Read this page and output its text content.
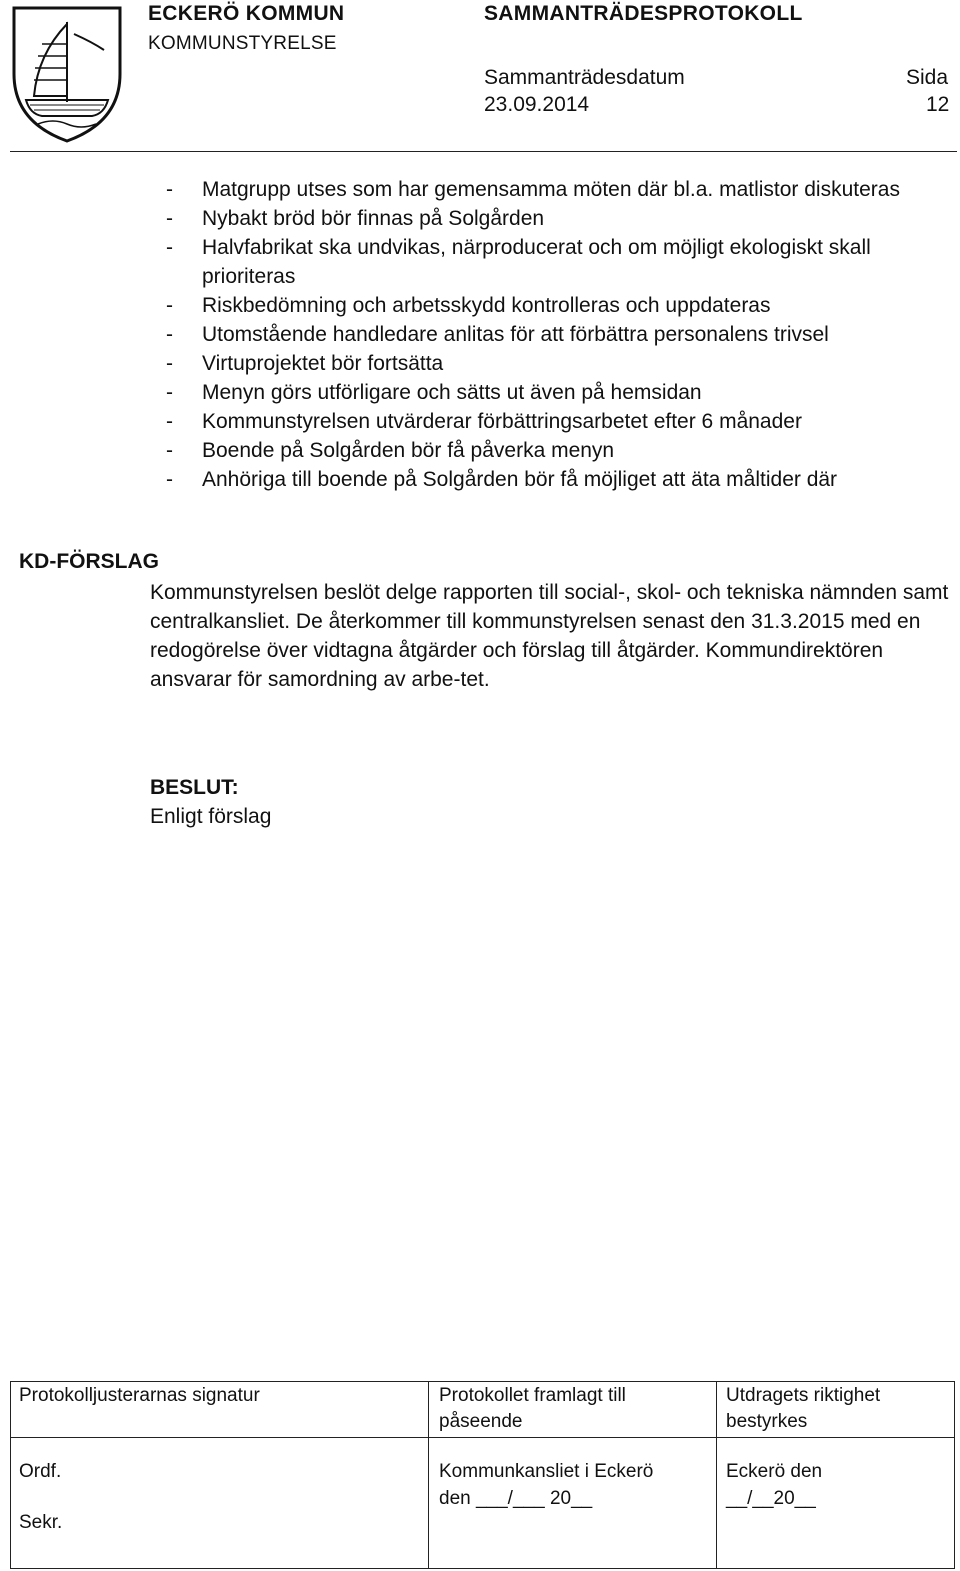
ECKERÖ KOMMUN
KOMMUNSTYRELSE
SAMMANTRÄDESPROTOKOLL
Sammanträdesdatum
23.09.2014
Sida
12
- Matgrupp utses som har gemensamma möten där bl.a. matlistor diskuteras
- Nybakt bröd bör finnas på Solgården
- Halvfabrikat ska undvikas, närproducerat och om möjligt ekologiskt skall prioriteras
- Riskbedömning och arbetsskydd kontrolleras och uppdateras
- Utomstående handledare anlitas för att förbättra personalens trivsel
- Virtuprojektet bör fortsätta
- Menyn görs utförligare och sätts ut även på hemsidan
- Kommunstyrelsen utvärderar förbättringsarbetet efter 6 månader
- Boende på Solgården bör få påverka menyn
- Anhöriga till boende på Solgården bör få möjliget att äta måltider där
KD-FÖRSLAG

Kommunstyrelsen beslöt delge rapporten till social-, skol- och tekniska nämnden samt centralkansliet. De återkommer till kommunstyrelsen senast den 31.3.2015 med en redogörelse över vidtagna åtgärder och förslag till åtgärder. Kommundirektören ansvarar för samordning av arbe-tet.

BESLUT:
Enligt förslag
Protokolljusterarnas signatur
Ordf.
Sekr.
Protokollet framlagt till
påseende
Kommunkansliet i Eckerö
den ___/___ 20__
Utdragets riktighet
bestyrkes
Eckerö den
__/__20__
